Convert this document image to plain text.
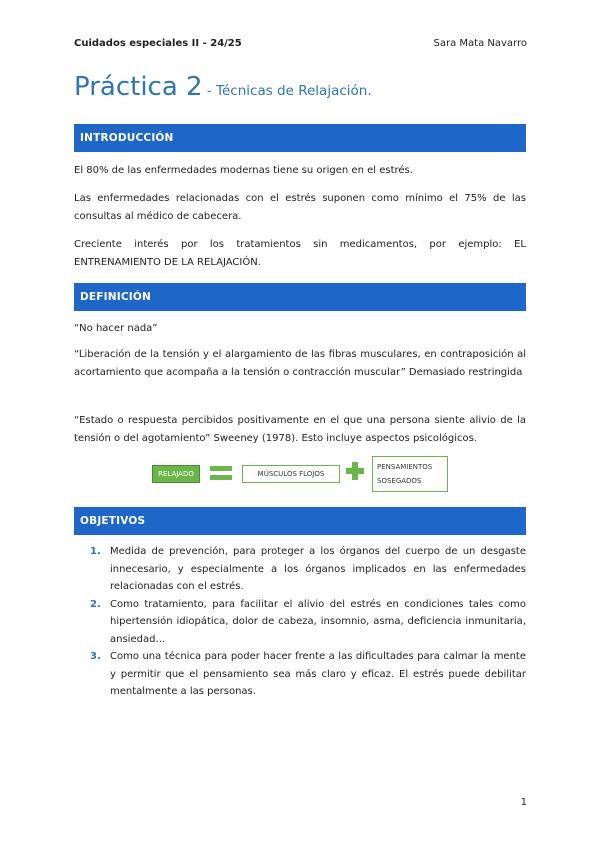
Cuidados especiales II - 24/25	Sara Mata Navarro
Práctica 2 - Técnicas de Relajación.
INTRODUCCIÓN
El 80% de las enfermedades modernas tiene su origen en el estrés.
Las enfermedades relacionadas con el estrés suponen como mínimo el 75% de las consultas al médico de cabecera.
Creciente interés por los tratamientos sin medicamentos, por ejemplo: EL ENTRENAMIENTO DE LA RELAJACIÓN.
DEFINICIÓN
“No hacer nada”
“Liberación de la tensión y el alargamiento de las fibras musculares, en contraposición al acortamiento que acompaña a la tensión o contracción muscular” Demasiado restringida
“Estado o respuesta percibidos positivamente en el que una persona siente alivio de la tensión o del agotamiento” Sweeney (1978). Esto incluye aspectos psicológicos.
RELAJADO	MÚSCULOS FLOJOS
PENSAMIENTOS
SOSEGADOS
OBJETIVOS
1. Medida de prevención, para proteger a los órganos del cuerpo de un desgaste innecesario, y especialmente a los órganos implicados en las enfermedades relacionadas con el estrés.
2. Como tratamiento, para facilitar el alivio del estrés en condiciones tales como hipertensión idiopática, dolor de cabeza, insomnio, asma, deficiencia inmunitaria, ansiedad…
3. Como una técnica para poder hacer frente a las dificultades para calmar la mente y permitir que el pensamiento sea más claro y eficaz. El estrés puede debilitar mentalmente a las personas.
1
